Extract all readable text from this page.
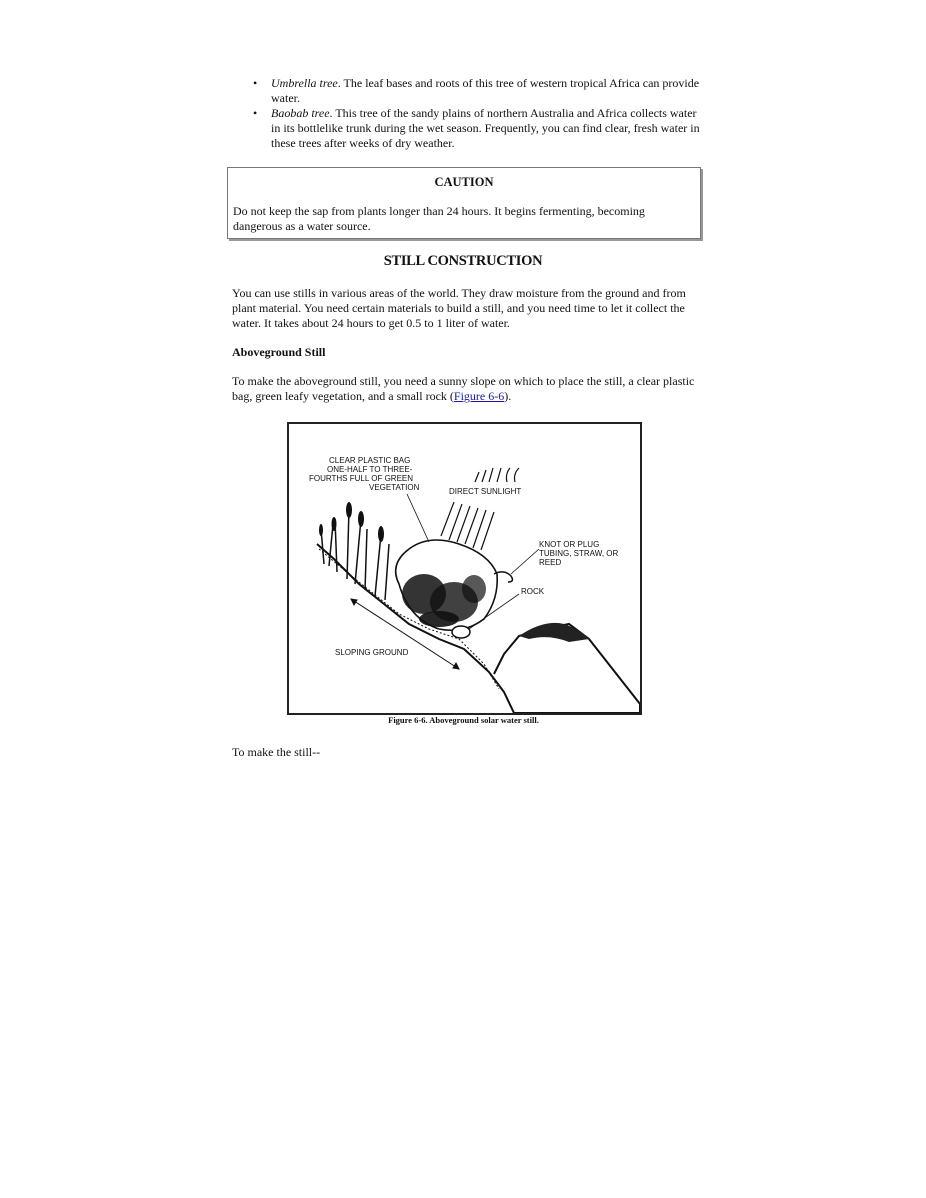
• Umbrella tree. The leaf bases and roots of this tree of western tropical Africa can provide water.
• Baobab tree. This tree of the sandy plains of northern Australia and Africa collects water in its bottlelike trunk during the wet season. Frequently, you can find clear, fresh water in these trees after weeks of dry weather.
CAUTION
Do not keep the sap from plants longer than 24 hours. It begins fermenting, becoming dangerous as a water source.
STILL CONSTRUCTION
You can use stills in various areas of the world. They draw moisture from the ground and from plant material. You need certain materials to build a still, and you need time to let it collect the water. It takes about 24 hours to get 0.5 to 1 liter of water.
Aboveground Still
To make the aboveground still, you need a sunny slope on which to place the still, a clear plastic bag, green leafy vegetation, and a small rock (Figure 6-6).
CLEAR PLASTIC BAG
ONE-HALF TO THREE-
FOURTHS FULL OF GREEN
VEGETATION	DIRECT SUNLIGHT
KNOT OR PLUG
TUBING, STRAW, OR
REED
ROCK
SLOPING GROUND
Figure 6-6. Aboveground solar water still.
To make the still--
